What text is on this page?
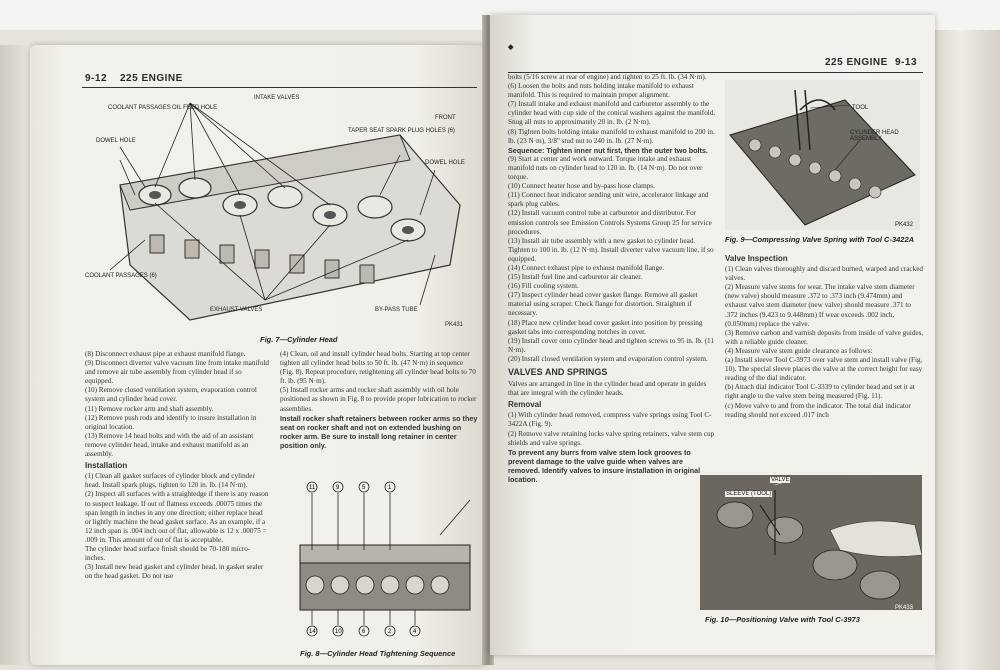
9-12 225 ENGINE
COOLANT PASSAGES OIL FEED HOLE
INTAKE VALVES
FRONT
TAPER SEAT SPARK PLUG HOLES (6)
DOWEL HOLE
DOWEL HOLE
COOLANT PASSAGES (6)
EXHAUST VALVES	BY-PASS TUBE
PK431
Fig. 7—Cylinder Head

(8) Disconnect exhaust pipe at exhaust manifold flange.

(9) Disconnect diverter valve vacuum line from intake manifold and remove air tube assembly from cylinder head if so equipped.

(10) Remove closed ventilation system, evaporation control system and cylinder head cover.

(11) Remove rocker arm and shaft assembly.

(12) Remove push rods and identify to insure installation in original location.

(13) Remove 14 head bolts and with the aid of an assistant remove cylinder head, intake and exhaust manifold as an assembly.

Installation

(1) Clean all gasket surfaces of cylinder block and cylinder head. Install spark plugs, tighten to 120 in. lb. (14 N·m).

(2) Inspect all surfaces with a straightedge if there is any reason to suspect leakage. If out of flatness exceeds .00075 times the span length in inches in any one direction; either replace head or lightly machine the head gasket surface. As an example, if a 12 inch span is .004 inch out of flat, allowable is 12 x .00075 = .009 in. This amount of out of flat is acceptable.

The cylinder head surface finish should be 70-180 micro-inches.

(3) Install new head gasket and cylinder head, in gasket sealer on the head gasket. Do not use

(4) Clean, oil and install cylinder head bolts. Starting at top center tighten all cylinder head bolts to 50 ft. lb. (47 N·m) in sequence (Fig. 8). Repeat procedure, retightening all cylinder head bolts to 70 ft. lb. (95 N·m).

(5) Install rocker arms and rocker shaft assembly with oil hole positioned as shown in Fig. 8 to provide proper lubrication to rocker assemblies.

Install rocker shaft retainers between rocker arms so they seat on rocker shaft and not on extended bushing on rocker arm. Be sure to install long retainer in center position only.

11	9	5	1
14	10	6	2	4
Fig. 8—Cylinder Head Tightening Sequence
◆
225 ENGINE 9-13

bolts (5/16 screw at rear of engine) and tighten to 25 ft. lb. (34 N·m).

(6) Loosen the bolts and nuts holding intake manifold to exhaust manifold. This is required to maintain proper alignment.

(7) Install intake and exhaust manifold and carburetor assembly to the cylinder head with cup side of the conical washers against the manifold.

Snug all nuts to approximately 20 in. lb. (2 N·m).

(8) Tighten bolts holding intake manifold to exhaust manifold to 200 in. lb. (23 N·m), 3/8" stud nut to 240 in. lb. (27 N·m).

Sequence: Tighten inner nut first, then the outer two bolts.

(9) Start at center and work outward. Torque intake and exhaust manifold nuts on cylinder head to 120 in. lb. (14 N·m). Do not over torque.

(10) Connect heater hose and by-pass hose clamps.

(11) Connect heat indicator sending unit wire, accelerator linkage and spark plug cables.

(12) Install vacuum control tube at carburetor and distributor. For emission controls see Emission Controls Systems Group 25 for service procedures.

(13) Install air tube assembly with a new gasket to cylinder head. Tighten to 100 in. lb. (12 N·m). Install diverter valve vacuum line, if so equipped.

(14) Connect exhaust pipe to exhaust manifold flange.

(15) Install fuel line and carburetor air cleaner.

(16) Fill cooling system.

(17) Inspect cylinder head cover gasket flange. Remove all gasket material using scraper. Check flange for distortion. Straighten if necessary.

(18) Place new cylinder head cover gasket into position by pressing gasket tabs into corresponding notches in cover.

(19) Install cover onto cylinder head and tighten screws to 95 in. lb. (11 N·m).

(20) Install closed ventilation system and evaporation control system.

VALVES AND SPRINGS

Valves are arranged in line in the cylinder head and operate in guides that are integral with the cylinder heads.

Removal

(1) With cylinder head removed, compress valve springs using Tool C-3422A (Fig. 9).

(2) Remove valve retaining locks valve spring retainers, valve stem cup shields and valve springs.

To prevent any burrs from valve stem lock grooves to prevent damage to the valve guide when valves are removed. Identify valves to insure installation in original location.

TOOL
CYLINDER HEAD ASSEMBLY
PK432
Fig. 9—Compressing Valve Spring with Tool C-3422A
Valve Inspection

(1) Clean valves thoroughly and discard burned, warped and cracked valves.

(2) Measure valve stems for wear. The intake valve stem diameter (new valve) should measure .372 to .373 inch (9.474mm) and exhaust valve stem diameter (new valve) should measure .371 to .372 inches (9.423 to 9.448mm) If wear exceeds .002 inch, (0.050mm) replace the valve.

(3) Remove carbon and varnish deposits from inside of valve guides, with a reliable guide cleaner.

(4) Measure valve stem guide clearance as follows:

(a) Install sleeve Tool C-3973 over valve stem and install valve (Fig. 10). The special sleeve places the valve at the correct height for easy reading of the dial indicator.

(b) Attach dial indicator Tool C-3339 to cylinder head and set it at right angle to the valve stem being measured (Fig. 11).

(c) Move valve to and from the indicator. The total dial indicator reading should not exceed .017 inch

VALVE
SLEEVE (TOOL)
PK433
Fig. 10—Positioning Valve with Tool C-3973
